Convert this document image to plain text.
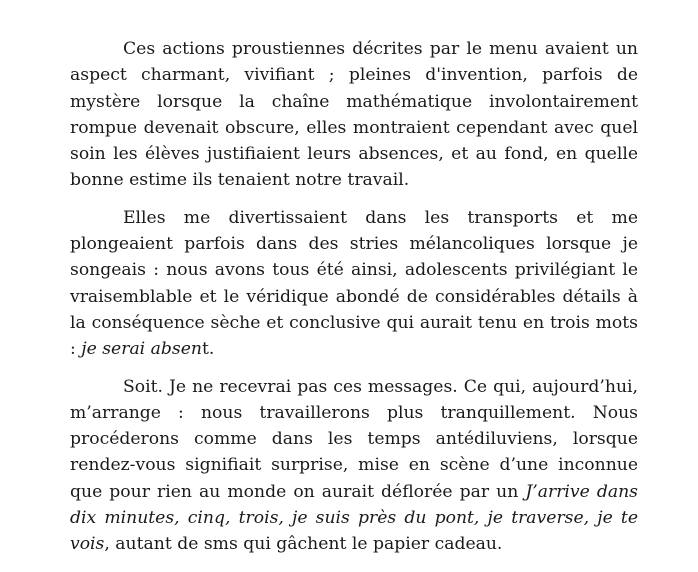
Ces actions proustiennes décrites par le menu avaient un aspect charmant, vivifiant ; pleines d'invention, parfois de mystère lorsque la chaîne mathématique involontairement rompue devenait obscure, elles montraient cependant avec quel soin les élèves justifiaient leurs absences, et au fond, en quelle bonne estime ils tenaient notre travail.

Elles me divertissaient dans les transports et me plongeaient parfois dans des stries mélancoliques lorsque je songeais : nous avons tous été ainsi, adolescents privilégiant le vraisemblable et le véridique abondé de considérables détails à la conséquence sèche et conclusive qui aurait tenu en trois mots : je serai absent.

Soit. Je ne recevrai pas ces messages. Ce qui, aujourd’hui, m’arrange : nous travaillerons plus tranquillement. Nous procéderons comme dans les temps antédiluviens, lorsque rendez-vous signifiait surprise, mise en scène d’une inconnue que pour rien au monde on aurait déflorée par un J’arrive dans dix minutes, cinq, trois, je suis près du pont, je traverse, je te vois, autant de sms qui gâchent le papier cadeau.
